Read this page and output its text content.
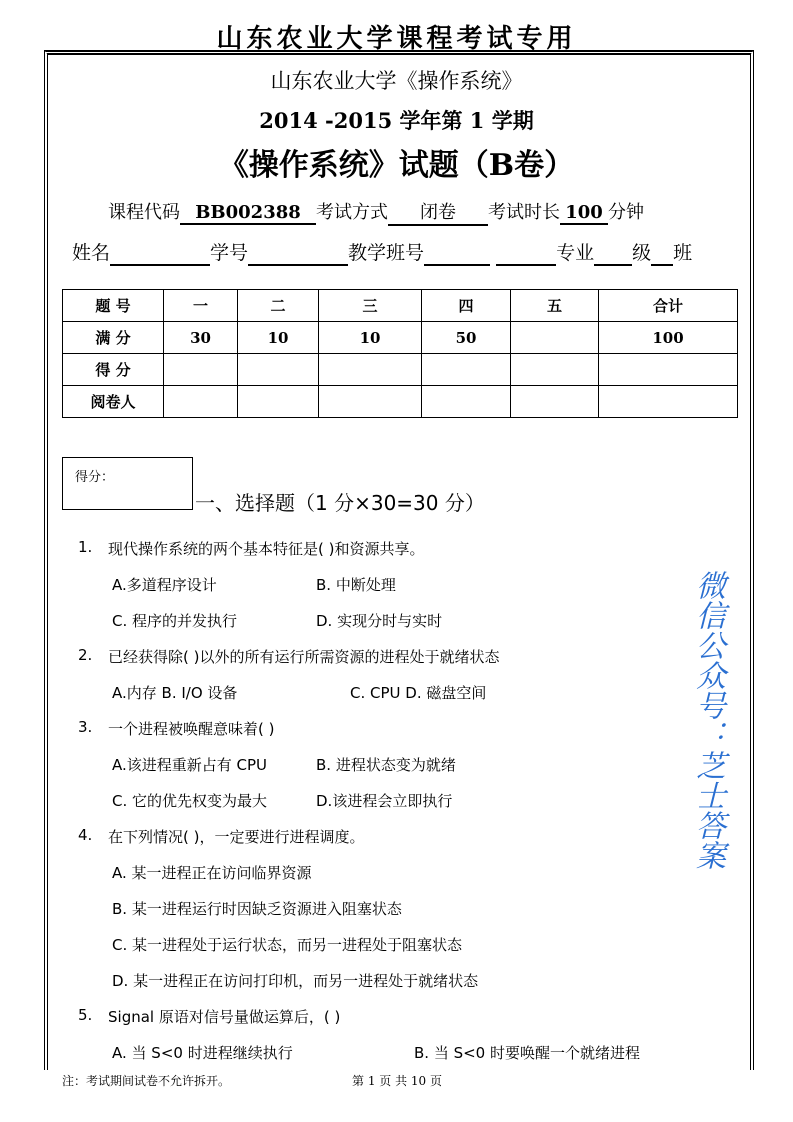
山东农业大学课程考试专用
山东农业大学《操作系统》
2014 -2015 学年第 1 学期
《操作系统》试题（B卷）
课程代码 BB002388 考试方式 闭卷 考试时长 100 分钟
姓名	学号	教学班号	专业 级 班
题 号	一	二	三	四	五	合计
满 分	30	10	10	50		100
得 分						
阅卷人						
得分：
一、选择题（1 分×30=30 分）
微信公众号：芝士答案
1. 现代操作系统的两个基本特征是( )和资源共享。
A.多道程序设计	B. 中断处理
C. 程序的并发执行	D. 实现分时与实时
2. 已经获得除( )以外的所有运行所需资源的进程处于就绪状态
A.内存 B. I/O 设备	C. CPU D. 磁盘空间
3. 一个进程被唤醒意味着( )
A.该进程重新占有 CPU	B. 进程状态变为就绪
C. 它的优先权变为最大	D.该进程会立即执行
4. 在下列情况( )，一定要进行进程调度。
A. 某一进程正在访问临界资源
B. 某一进程运行时因缺乏资源进入阻塞状态
C. 某一进程处于运行状态，而另一进程处于阻塞状态
D. 某一进程正在访问打印机，而另一进程处于就绪状态
5. Signal 原语对信号量做运算后，( )
A. 当 S<0 时进程继续执行	B. 当 S<0 时要唤醒一个就绪进程
注：考试期间试卷不允许拆开。	第 1 页 共 10 页
